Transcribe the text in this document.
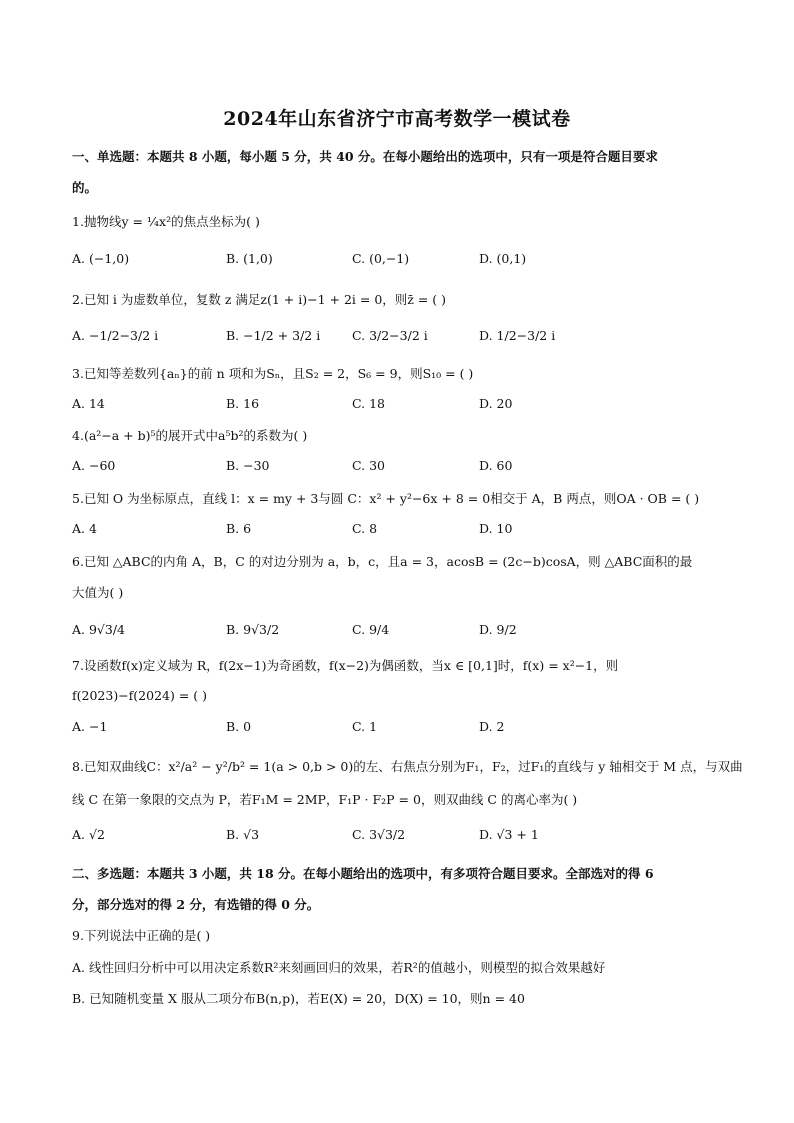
2024年山东省济宁市高考数学一模试卷
一、单选题：本题共 8 小题，每小题 5 分，共 40 分。在每小题给出的选项中，只有一项是符合题目要求
的。
1.抛物线y = ¼x²的焦点坐标为( )
A. (−1,0)	B. (1,0)	C. (0,−1)	D. (0,1)
2.已知 i 为虚数单位，复数 z 满足z(1 + i)−1 + 2i = 0，则z̄ = ( )
A. −1/2−3/2 i	B. −1/2 + 3/2 i	C. 3/2−3/2 i	D. 1/2−3/2 i
3.已知等差数列{aₙ}的前 n 项和为Sₙ，且S₂ = 2，S₆ = 9，则S₁₀ = ( )
A. 14	B. 16	C. 18	D. 20
4.(a²−a + b)⁵的展开式中a⁵b²的系数为( )
A. −60	B. −30	C. 30	D. 60
5.已知 O 为坐标原点，直线 l：x = my + 3与圆 C：x² + y²−6x + 8 = 0相交于 A，B 两点，则OA · OB = ( )
A. 4	B. 6	C. 8	D. 10
6.已知 △ABC的内角 A，B，C 的对边分别为 a，b，c，且a = 3，acosB = (2c−b)cosA，则 △ABC面积的最
大值为( )
A. 9√3/4	B. 9√3/2	C. 9/4	D. 9/2
7.设函数f(x)定义域为 R，f(2x−1)为奇函数，f(x−2)为偶函数，当x ∈ [0,1]时，f(x) = x²−1，则
f(2023)−f(2024) = ( )
A. −1	B. 0	C. 1	D. 2
8.已知双曲线C：x²/a² − y²/b² = 1(a > 0,b > 0)的左、右焦点分别为F₁，F₂，过F₁的直线与 y 轴相交于 M 点，与双曲
线 C 在第一象限的交点为 P，若F₁M = 2MP，F₁P · F₂P = 0，则双曲线 C 的离心率为( )
A. √2	B. √3	C. 3√3/2	D. √3 + 1
二、多选题：本题共 3 小题，共 18 分。在每小题给出的选项中，有多项符合题目要求。全部选对的得 6
分，部分选对的得 2 分，有选错的得 0 分。
9.下列说法中正确的是( )
A. 线性回归分析中可以用决定系数R²来刻画回归的效果，若R²的值越小，则模型的拟合效果越好
B. 已知随机变量 X 服从二项分布B(n,p)，若E(X) = 20，D(X) = 10，则n = 40
